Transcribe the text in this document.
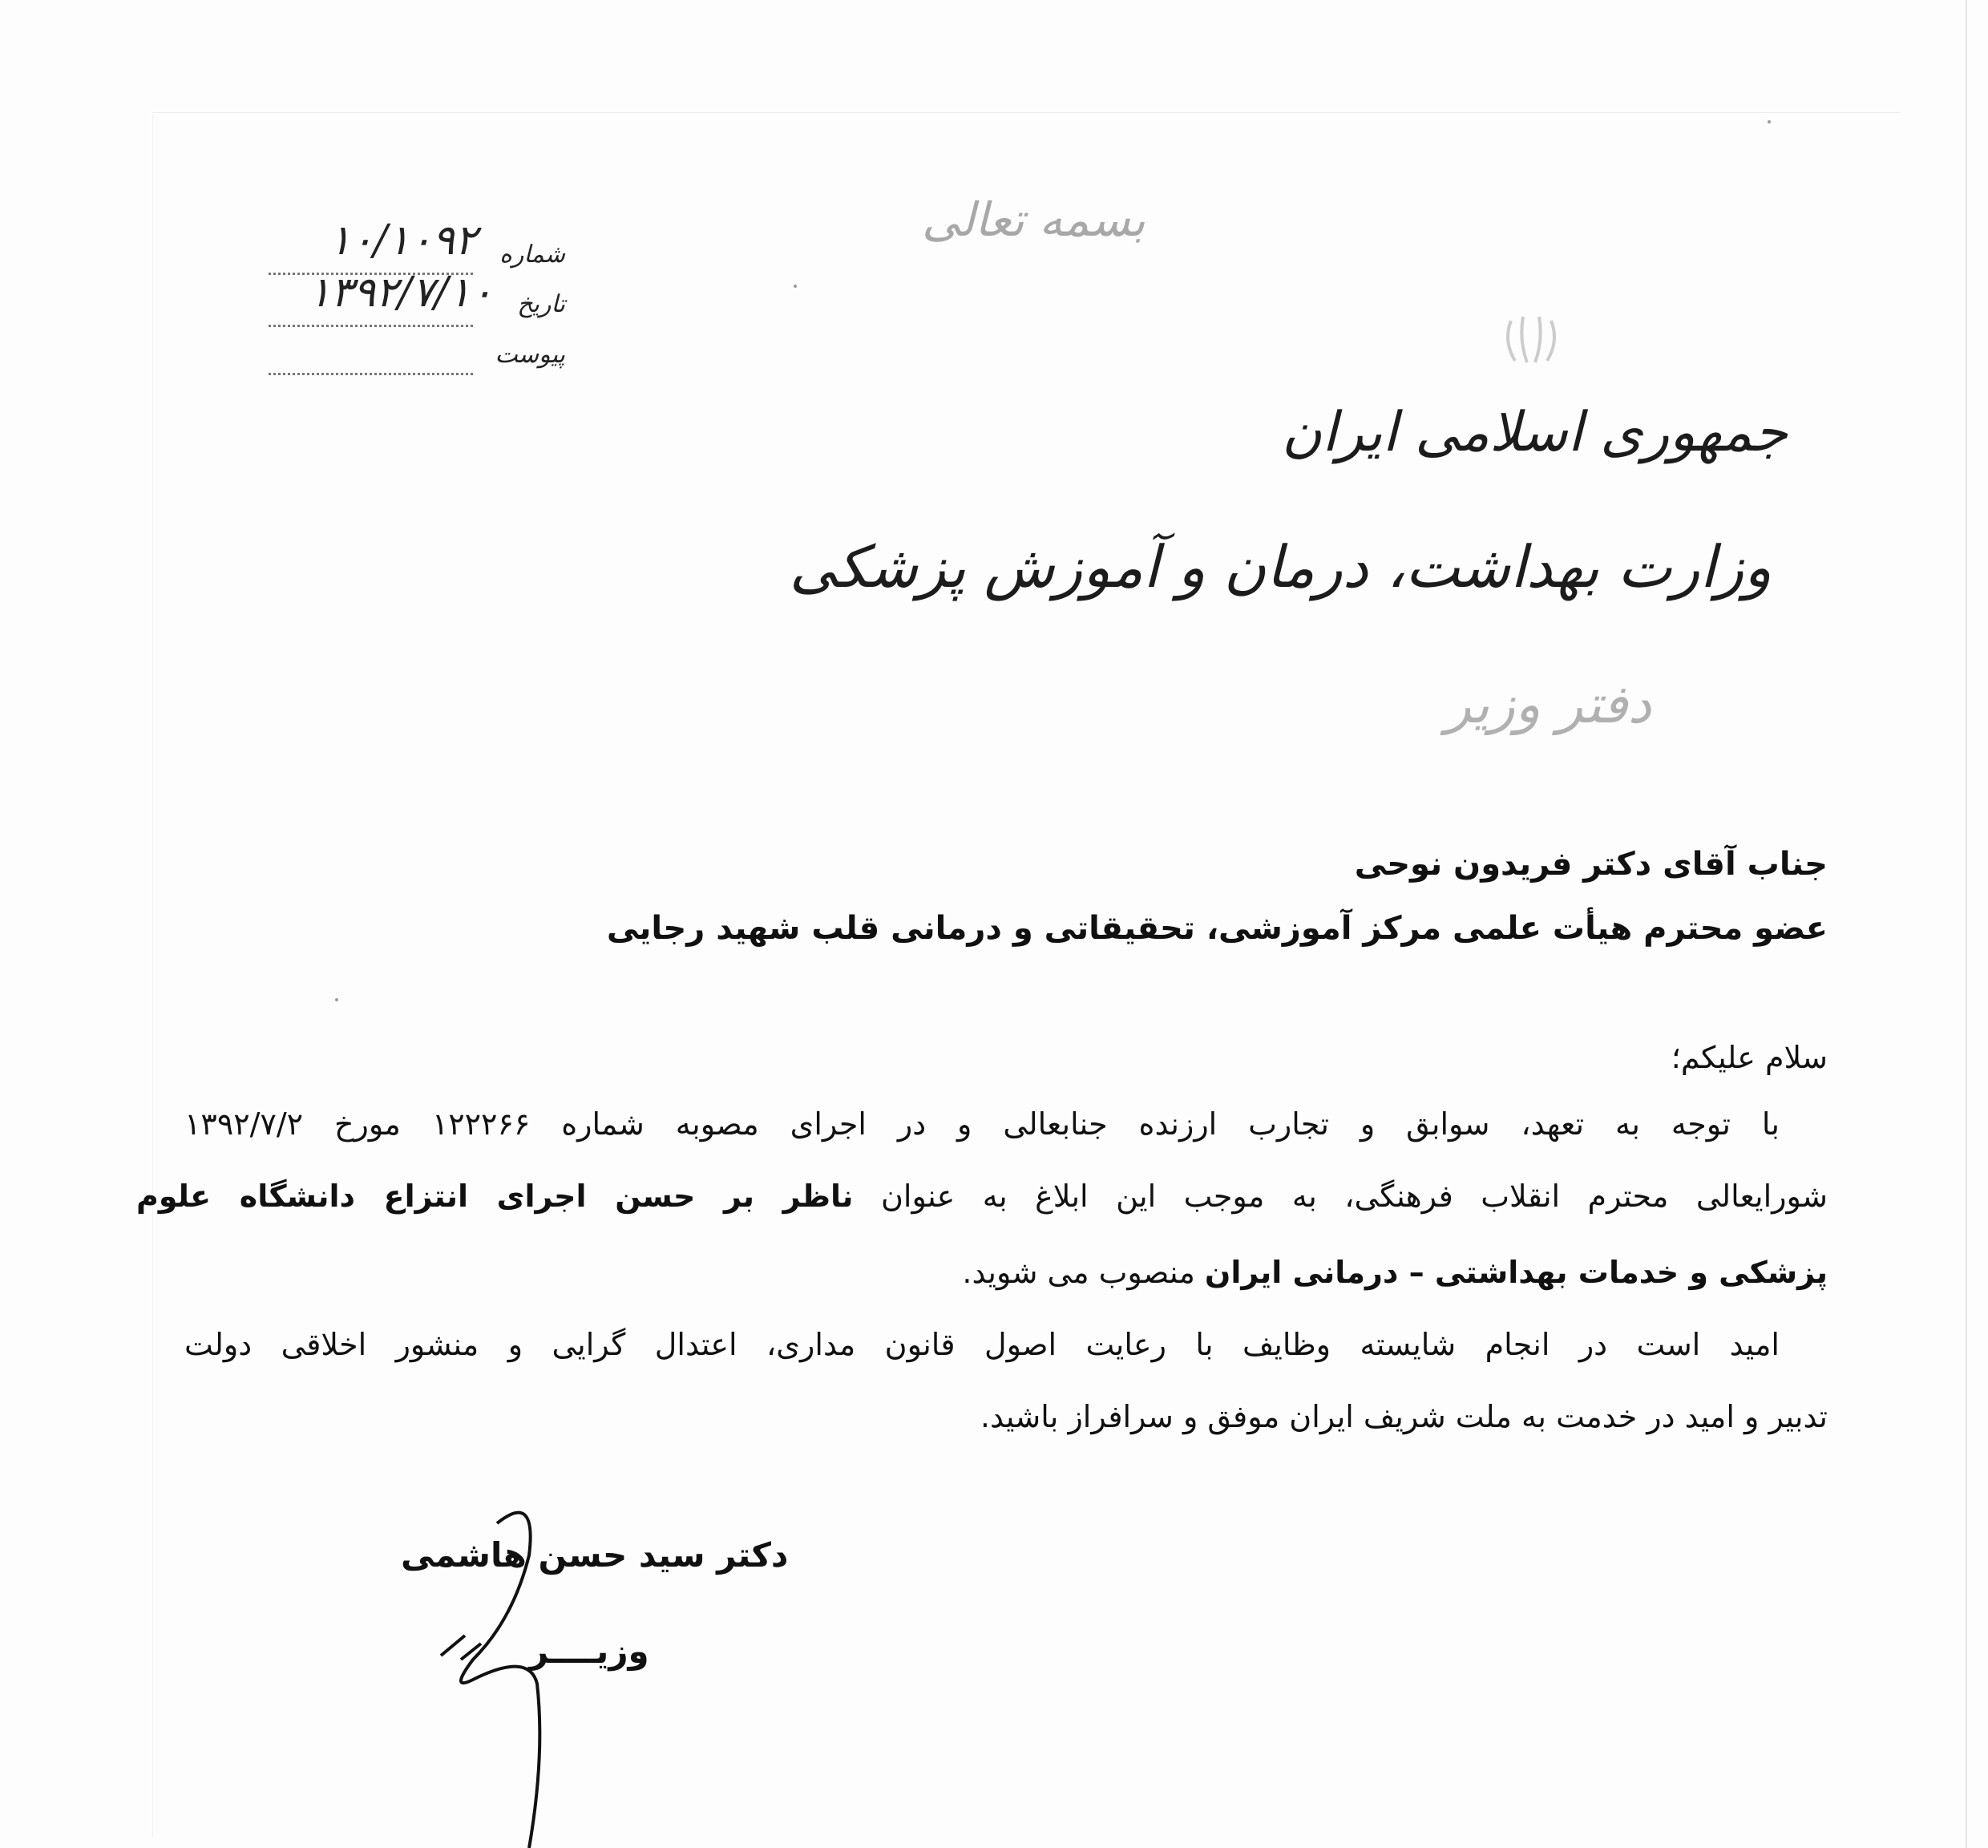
بسمه تعالی
جمهوری اسلامی ایران
وزارت بهداشت، درمان و آموزش پزشکی
دفتر وزیر
شماره
۱۰/۱۰۹۲
تاریخ
۱۳۹۲/۷/۱۰
پیوست
جناب آقای دکتر فریدون نوحی
عضو محترم هیأت علمی مرکز آموزشی، تحقیقاتی و درمانی قلب شهید رجایی
سلام علیکم؛
با توجه به تعهد، سوابق و تجارب ارزنده جنابعالی و در اجرای مصوبه شماره ۱۲۲۲۶۶ مورخ ۱۳۹۲/۷/۲
شورایعالی محترم انقلاب فرهنگی، به موجب این ابلاغ به عنوان ناظر بر حسن اجرای انتزاع دانشگاه علوم
پزشکی و خدمات بهداشتی – درمانی ایران منصوب می شوید.
امید است در انجام شایسته وظایف با رعایت اصول قانون مداری، اعتدال گرایی و منشور اخلاقی دولت
تدبیر و امید در خدمت به ملت شریف ایران موفق و سرافراز باشید.
دکتر سید حسن هاشمی
وزیــــر
